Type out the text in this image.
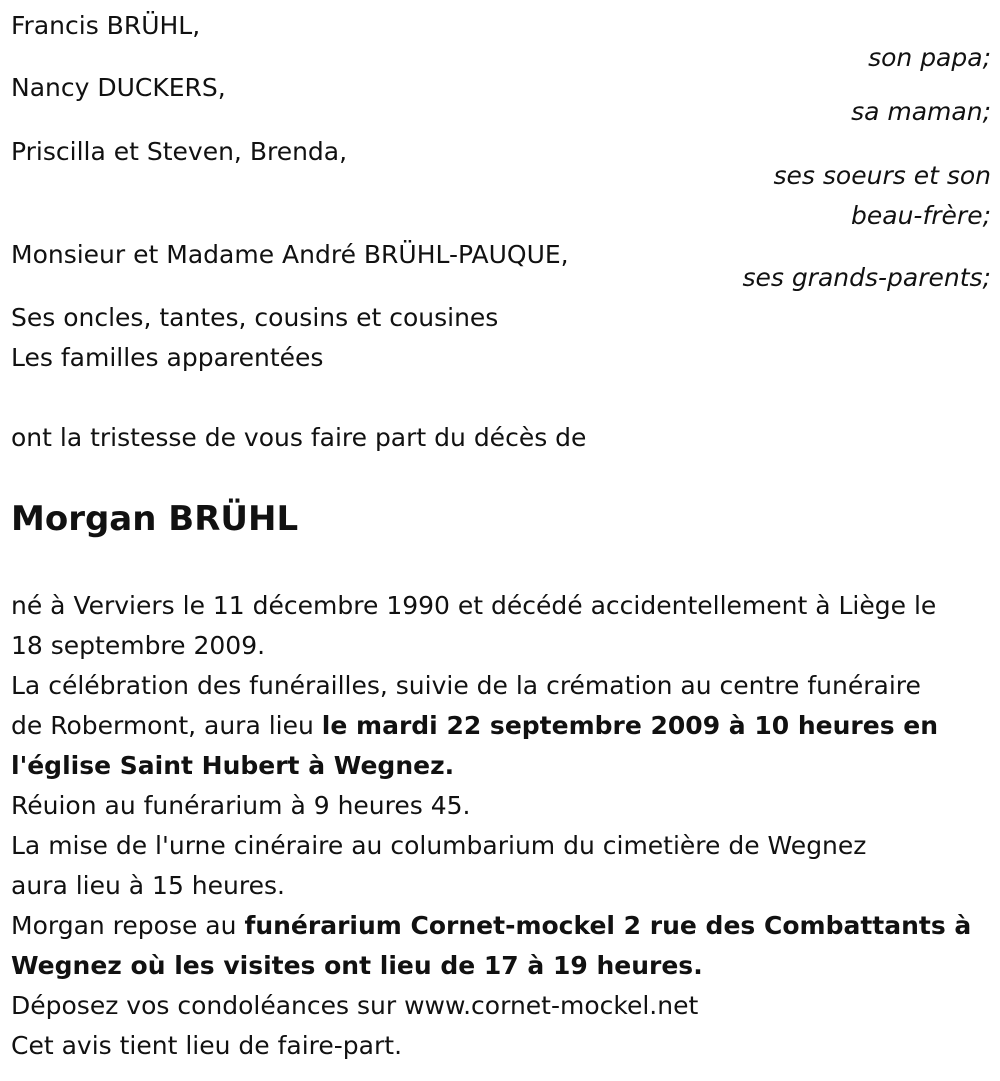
Francis BRÜHL,
son papa;
Nancy DUCKERS,
sa maman;
Priscilla et Steven, Brenda,
ses soeurs et son
beau-frère;
Monsieur et Madame André BRÜHL-PAUQUE,
ses grands-parents;
Ses oncles, tantes, cousins et cousines
Les familles apparentées
ont la tristesse de vous faire part du décès de
Morgan BRÜHL
né à Verviers le 11 décembre 1990 et décédé accidentellement à Liège le
18 septembre 2009.
La célébration des funérailles, suivie de la crémation au centre funéraire
de Robermont, aura lieu le mardi 22 septembre 2009 à 10 heures en
l'église Saint Hubert à Wegnez.
Réuion au funérarium à 9 heures 45.
La mise de l'urne cinéraire au columbarium du cimetière de Wegnez
aura lieu à 15 heures.
Morgan repose au funérarium Cornet-mockel 2 rue des Combattants à
Wegnez où les visites ont lieu de 17 à 19 heures.
Déposez vos condoléances sur www.cornet-mockel.net
Cet avis tient lieu de faire-part.
